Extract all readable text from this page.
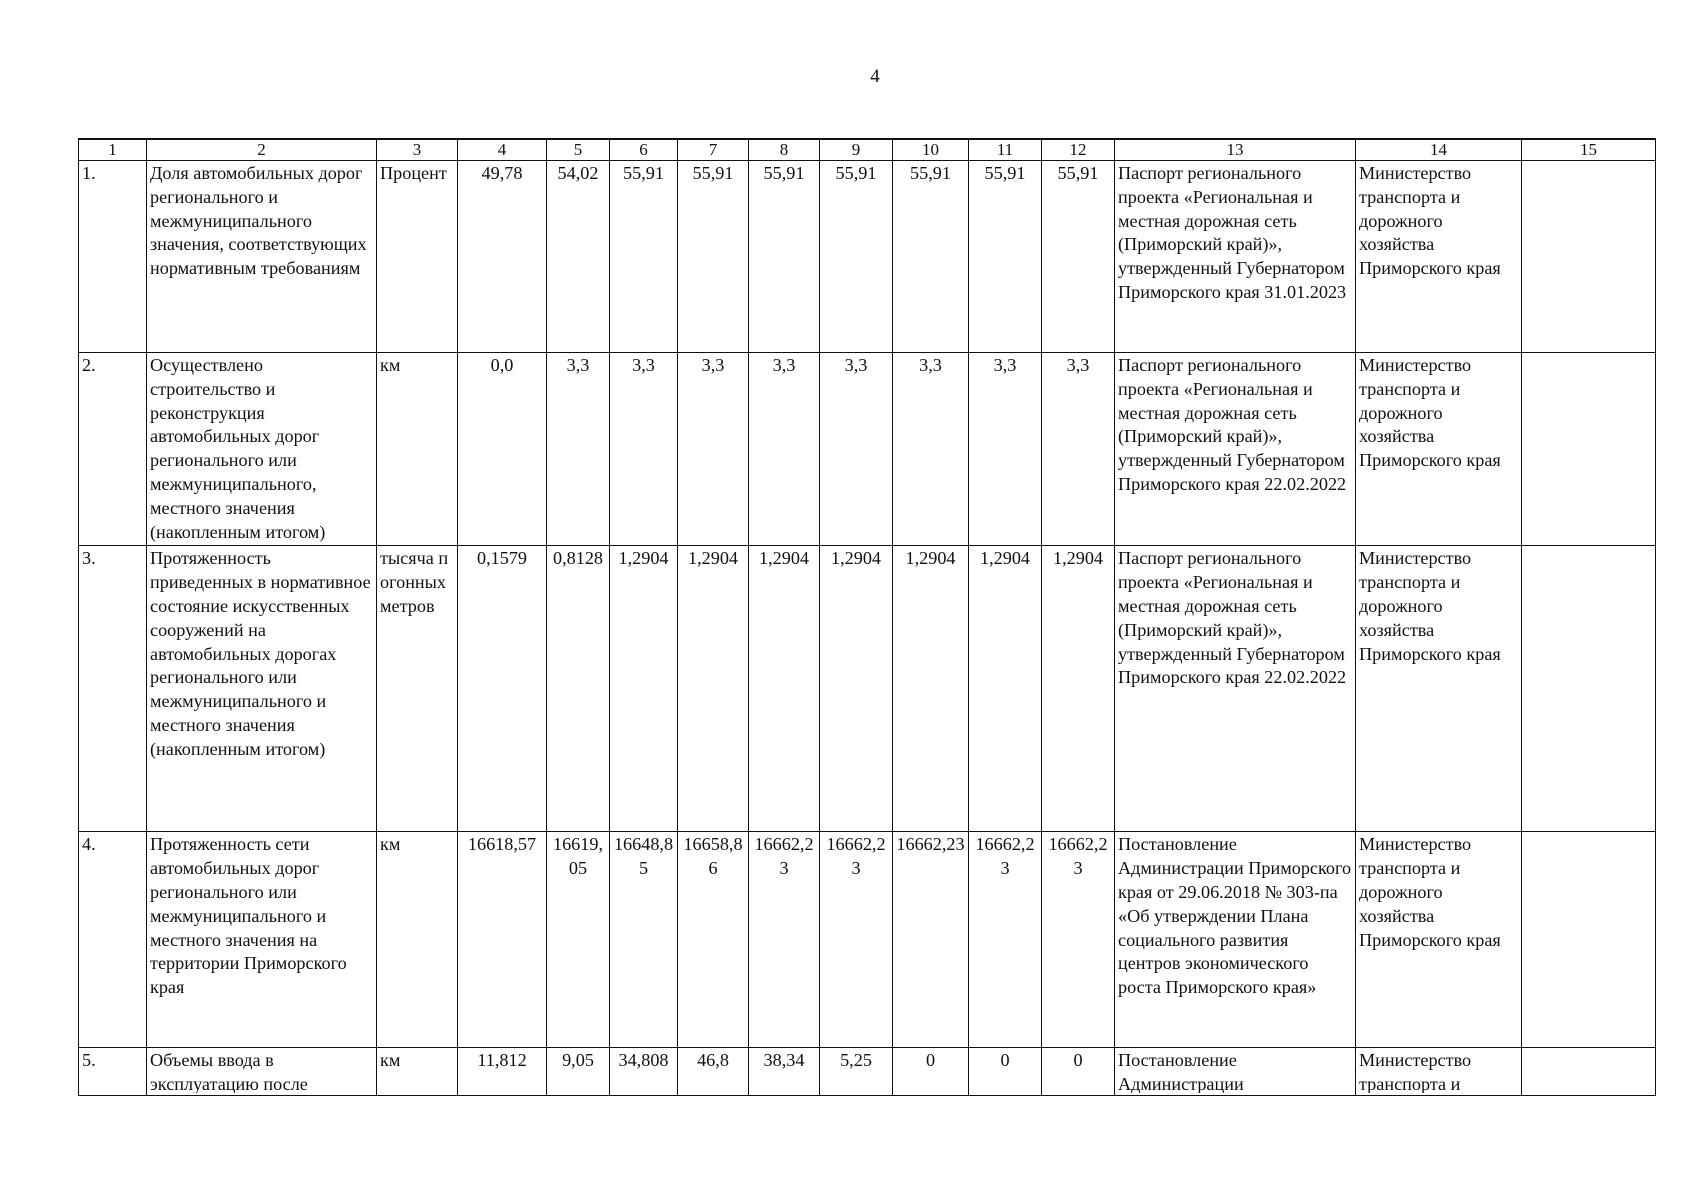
4
1	2	3	4	5	6	7	8	9	10	11	12	13	14	15
1.	Доля автомобильных дорог регионального и межмуниципального значения, соответствующих нормативным требованиям	Процент	49,78	54,02	55,91	55,91	55,91	55,91	55,91	55,91	55,91	Паспорт регионального проекта «Региональная и местная дорожная сеть (Приморский край)», утвержденный Губернатором Приморского края 31.01.2023	Министерство транспорта и дорожного хозяйства Приморского края	
2.	Осуществлено строительство и реконструкция автомобильных дорог регионального или межмуниципального, местного значения (накопленным итогом)	км	0,0	3,3	3,3	3,3	3,3	3,3	3,3	3,3	3,3	Паспорт регионального проекта «Региональная и местная дорожная сеть (Приморский край)», утвержденный Губернатором Приморского края 22.02.2022	Министерство транспорта и дорожного хозяйства Приморского края	
3.	Протяженность приведенных в нормативное состояние искусственных сооружений на автомобильных дорогах регионального или межмуниципального и местного значения (накопленным итогом)	тысяча погонных метров	0,1579	0,8128	1,2904	1,2904	1,2904	1,2904	1,2904	1,2904	1,2904	Паспорт регионального проекта «Региональная и местная дорожная сеть (Приморский край)», утвержденный Губернатором Приморского края 22.02.2022	Министерство транспорта и дорожного хозяйства Приморского края	
4.	Протяженность сети автомобильных дорог регионального или межмуниципального и местного значения на территории Приморского края	км	16618,57	16619,05	16648,85	16658,86	16662,23	16662,23	16662,23	16662,23	16662,23	Постановление Администрации Приморского края от 29.06.2018 № 303-па «Об утверждении Плана социального развития центров экономического роста Приморского края»	Министерство транспорта и дорожного хозяйства Приморского края	

5.	Объемы ввода в эксплуатацию после	км	11,812	9,05	34,808	46,8	38,34	5,25	0	0	0	Постановление Администрации	Министерство транспорта и	
